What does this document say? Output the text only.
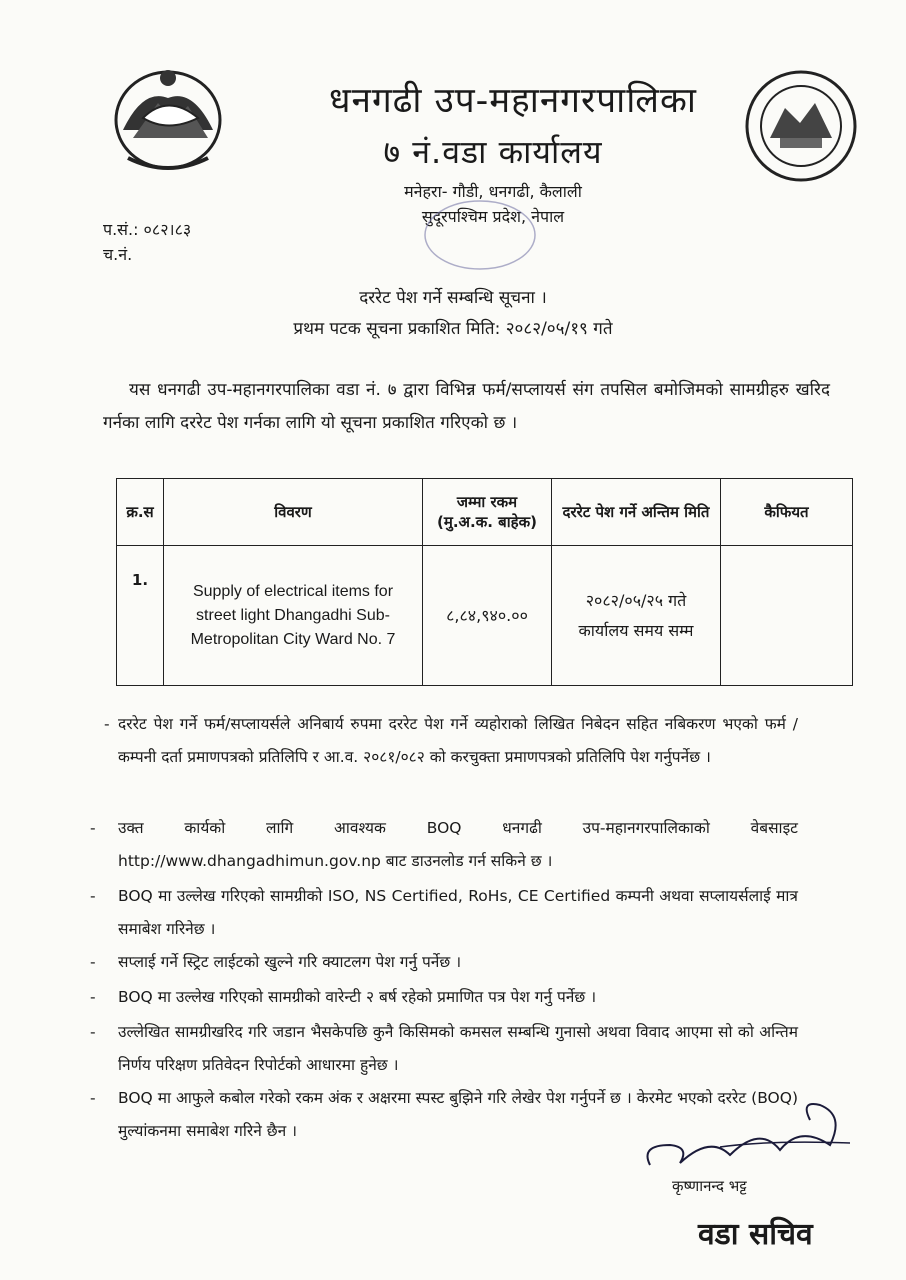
धनगढी उप-महानगरपालिका
७ नं.वडा कार्यालय
मनेहरा- गौडी, धनगढी, कैलाली
सुदूरपश्चिम प्रदेश, नेपाल
प.सं.: ०८२।८३
च.नं.
दररेट पेश गर्ने सम्बन्धि सूचना ।
प्रथम पटक सूचना प्रकाशित मिति: २०८२/०५/१९ गते
यस धनगढी उप-महानगरपालिका वडा नं. ७ द्वारा विभिन्न फर्म/सप्लायर्स संग तपसिल बमोजिमको सामग्रीहरु खरिद गर्नका लागि दररेट पेश गर्नका लागि यो सूचना प्रकाशित गरिएको छ ।
क्र.स	विवरण	जम्मा रकम (मु.अ.क. बाहेक)	दररेट पेश गर्ने अन्तिम मिति	कैफियत
1.	Supply of electrical items for street light Dhangadhi Sub-Metropolitan City Ward No. 7	८,८४,९४०.००	२०८२/०५/२५ गते कार्यालय समय सम्म	
- दररेट पेश गर्ने फर्म/सप्लायर्सले अनिबार्य रुपमा दररेट पेश गर्ने व्यहोराको लिखित निबेदन सहित नबिकरण भएको फर्म / कम्पनी दर्ता प्रमाणपत्रको प्रतिलिपि र आ.व. २०८१/०८२ को करचुक्ता प्रमाणपत्रको प्रतिलिपि पेश गर्नुपर्नेछ ।
- उक्त कार्यको लागि आवश्यक BOQ धनगढी उप-महानगरपालिकाको वेबसाइट http://www.dhangadhimun.gov.np बाट डाउनलोड गर्न सकिने छ ।
- BOQ मा उल्लेख गरिएको सामग्रीको ISO, NS Certified, RoHs, CE Certified कम्पनी अथवा सप्लायर्सलाई मात्र समाबेश गरिनेछ ।
- सप्लाई गर्ने स्ट्रिट लाईटको खुल्ने गरि क्याटलग पेश गर्नु पर्नेछ ।
- BOQ मा उल्लेख गरिएको सामग्रीको वारेन्टी २ बर्ष रहेको प्रमाणित पत्र पेश गर्नु पर्नेछ ।
- उल्लेखित सामग्रीखरिद गरि जडान भैसकेपछि कुनै किसिमको कमसल सम्बन्धि गुनासो अथवा विवाद आएमा सो को अन्तिम निर्णय परिक्षण प्रतिवेदन रिपोर्टको आधारमा हुनेछ ।
- BOQ मा आफुले कबोल गरेको रकम अंक र अक्षरमा स्पस्ट बुझिने गरि लेखेर पेश गर्नुपर्ने छ । केरमेट भएको दररेट (BOQ) मुल्यांकनमा समाबेश गरिने छैन ।
कृष्णानन्द भट्ट
वडा सचिव
